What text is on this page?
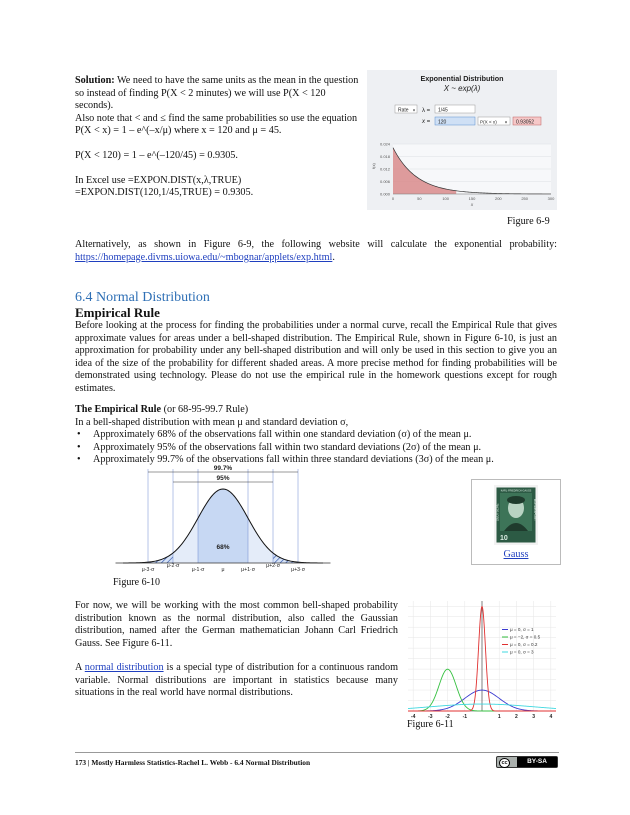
Solution: We need to have the same units as the mean in the question
so instead of finding P(X < 2 minutes) we will use P(X < 120 seconds).
Also note that < and ≤ find the same probabilities so use the equation
P(X < x) = 1 – e^(–x/μ) where x = 120 and μ = 45.
P(X < 120) = 1 – e^(–120/45) = 0.9305.
In Excel use =EXPON.DIST(x,λ,TRUE)
=EXPON.DIST(120,1/45,TRUE) = 0.9305.
Exponential Distribution
X ~ exp(λ)
Rate ▾ λ = 1/45
x = 120	P(X < x) ▾ 0.93052
0.024
0.018
0.012
0.006
0.000
0	50	100	150	200	250	300
f(x)
x
Figure 6-9
Alternatively, as shown in Figure 6-9, the following website will calculate the exponential probability: https://homepage.divms.uiowa.edu/~mbognar/applets/exp.html.
6.4 Normal Distribution
Empirical Rule
Before looking at the process for finding the probabilities under a normal curve, recall the Empirical Rule that gives approximate values for areas under a bell-shaped distribution. The Empirical Rule, shown in Figure 6-10, is just an approximation for probability under any bell-shaped distribution and will only be used in this section to give you an idea of the size of the probability for different shaded areas. A more precise method for finding probabilities will be demonstrated using technology. Please do not use the empirical rule in the homework questions except for rough estimates.
The Empirical Rule (or 68-95-99.7 Rule)
In a bell-shaped distribution with mean μ and standard deviation σ,
• Approximately 68% of the observations fall within one standard deviation (σ) of the mean μ.
• Approximately 95% of the observations fall within two standard deviations (2σ) of the mean μ.
• Approximately 99.7% of the observations fall within three standard deviations (3σ) of the mean μ.
99.7%
95%
68%
μ-3·σ
μ-2·σ
μ-1·σ	μ	μ+1·σ
μ+2·σ
μ+3·σ
Figure 6-10
KARL·FRIEDRICH·GAUSS
DEUTSCHE	BUNDESPOST
10
Gauss
For now, we will be working with the most common bell-shaped probability distribution known as the normal distribution, also called the Gaussian distribution, named after the German mathematician Johann Carl Friedrich Gauss. See Figure 6-11.
A normal distribution is a special type of distribution for a continuous random variable. Normal distributions are important in statistics because many situations in the real world have normal distributions.
-4	-3	-2	-1	1	2	3	4
μ = 0, σ = 1
μ = −2, σ = 0.5
μ = 0, σ = 0.2
μ = 0, σ = 3
Figure 6-11
173 | Mostly Harmless Statistics-Rachel L. Webb - 6.4 Normal Distribution	cc	BY-SA
